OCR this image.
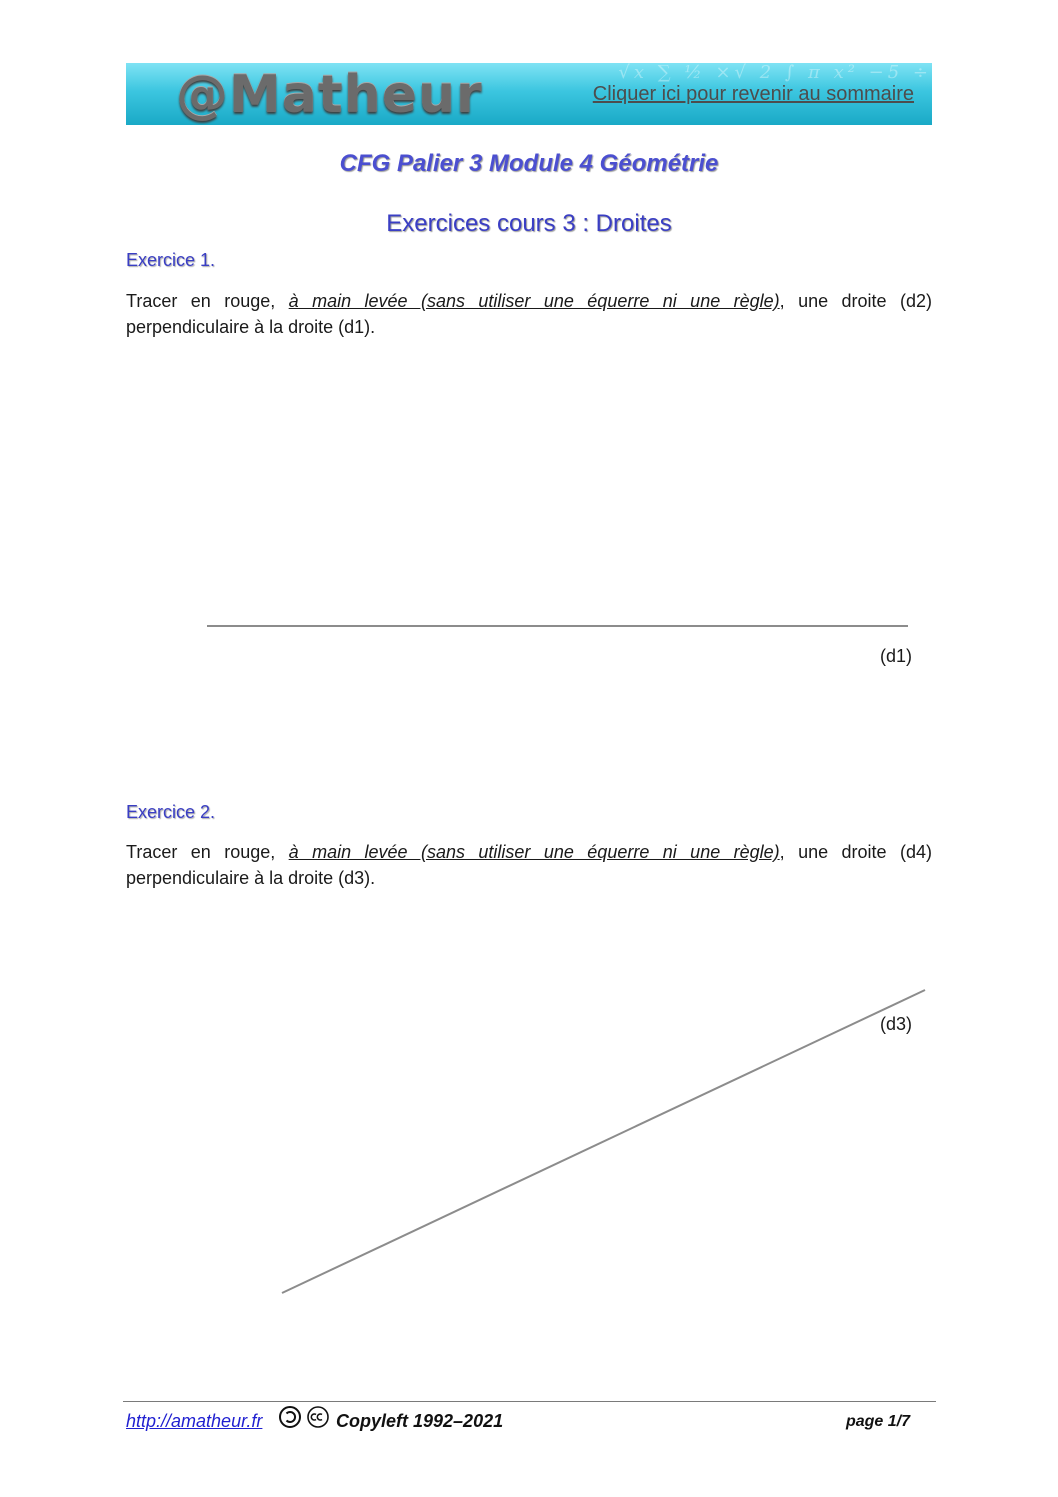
√x ∑ ½ ×√ 2 ∫ π x² −5 ÷
@Matheur	Cliquer ici pour revenir au sommaire
CFG Palier 3 Module 4 Géométrie
Exercices cours 3 : Droites
Exercice 1.
Tracer en rouge, à main levée (sans utiliser une équerre ni une règle), une droite (d2) perpendiculaire à la droite (d1).
(d1)
Exercice 2.
Tracer en rouge, à main levée (sans utiliser une équerre ni une règle), une droite (d4) perpendiculaire à la droite (d3).
(d3)
http://amatheur.fr	Copyleft 1992–2021	page 1/7
